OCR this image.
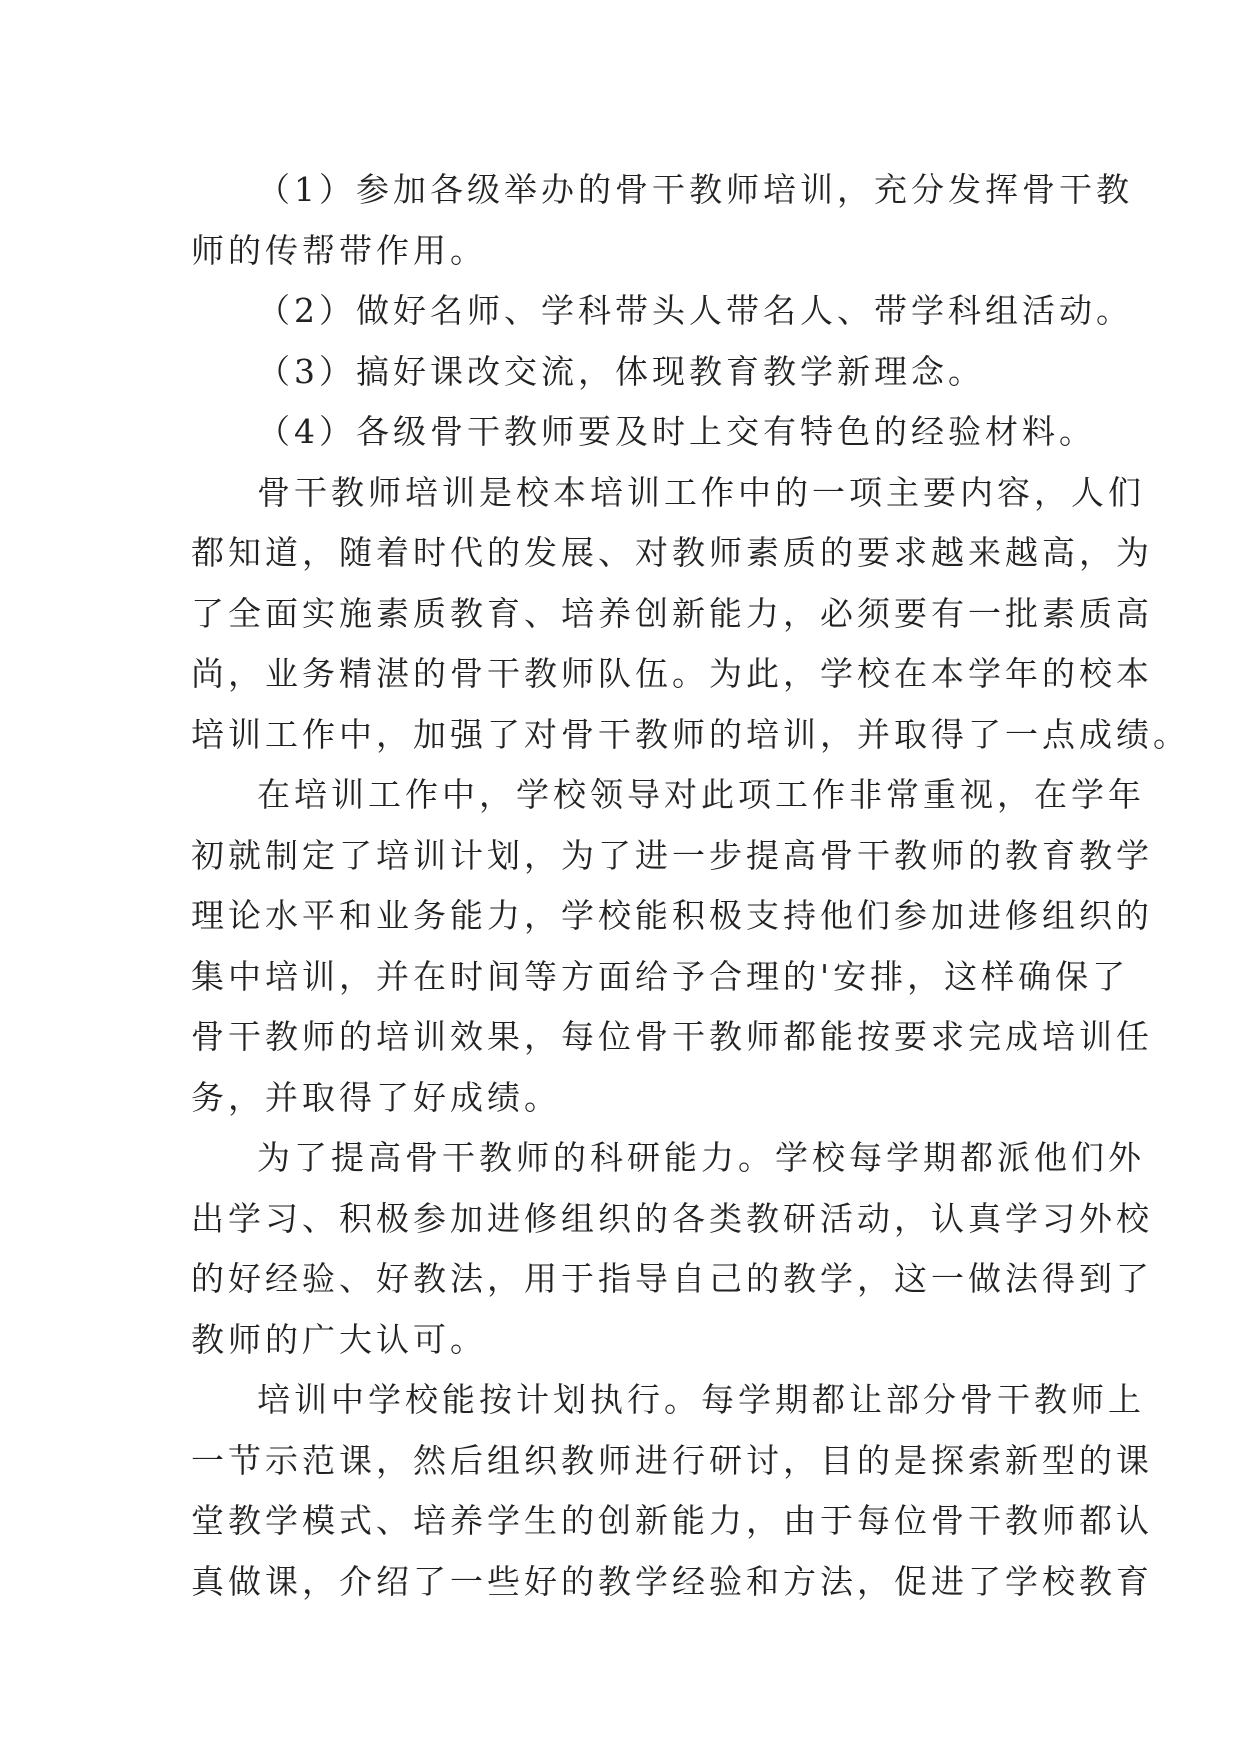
（1）参加各级举办的骨干教师培训，充分发挥骨干教
师的传帮带作用。

（2）做好名师、学科带头人带名人、带学科组活动。

（3）搞好课改交流，体现教育教学新理念。

（4）各级骨干教师要及时上交有特色的经验材料。

骨干教师培训是校本培训工作中的一项主要内容，人们
都知道，随着时代的发展、对教师素质的要求越来越高，为
了全面实施素质教育、培养创新能力，必须要有一批素质高
尚，业务精湛的骨干教师队伍。为此，学校在本学年的校本
培训工作中，加强了对骨干教师的培训，并取得了一点成绩。

在培训工作中，学校领导对此项工作非常重视，在学年
初就制定了培训计划，为了进一步提高骨干教师的教育教学
理论水平和业务能力，学校能积极支持他们参加进修组织的
集中培训，并在时间等方面给予合理的'安排，这样确保了
骨干教师的培训效果，每位骨干教师都能按要求完成培训任
务，并取得了好成绩。

为了提高骨干教师的科研能力。学校每学期都派他们外
出学习、积极参加进修组织的各类教研活动，认真学习外校
的好经验、好教法，用于指导自己的教学，这一做法得到了
教师的广大认可。

培训中学校能按计划执行。每学期都让部分骨干教师上
一节示范课，然后组织教师进行研讨，目的是探索新型的课
堂教学模式、培养学生的创新能力，由于每位骨干教师都认
真做课，介绍了一些好的教学经验和方法，促进了学校教育
